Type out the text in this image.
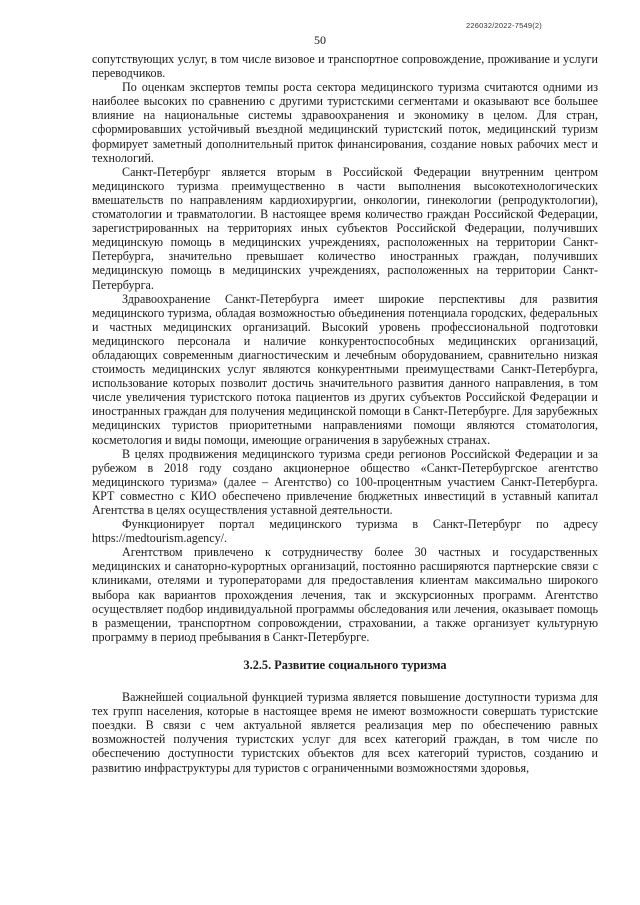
226032/2022-7549(2)
50

сопутствующих услуг, в том числе визовое и транспортное сопровождение, проживание и услуги переводчиков.

По оценкам экспертов темпы роста сектора медицинского туризма считаются одними из наиболее высоких по сравнению с другими туристскими сегментами и оказывают все большее влияние на национальные системы здравоохранения и экономику в целом. Для стран, сформировавших устойчивый въездной медицинский туристский поток, медицинский туризм формирует заметный дополнительный приток финансирования, создание новых рабочих мест и технологий.

Санкт-Петербург является вторым в Российской Федерации внутренним центром медицинского туризма преимущественно в части выполнения высокотехнологических вмешательств по направлениям кардиохирургии, онкологии, гинекологии (репродуктологии), стоматологии и травматологии. В настоящее время количество граждан Российской Федерации, зарегистрированных на территориях иных субъектов Российской Федерации, получивших медицинскую помощь в медицинских учреждениях, расположенных на территории Санкт-Петербурга, значительно превышает количество иностранных граждан, получивших медицинскую помощь в медицинских учреждениях, расположенных на территории Санкт-Петербурга.

Здравоохранение Санкт-Петербурга имеет широкие перспективы для развития медицинского туризма, обладая возможностью объединения потенциала городских, федеральных и частных медицинских организаций. Высокий уровень профессиональной подготовки медицинского персонала и наличие конкурентоспособных медицинских организаций, обладающих современным диагностическим и лечебным оборудованием, сравнительно низкая стоимость медицинских услуг являются конкурентными преимуществами Санкт-Петербурга, использование которых позволит достичь значительного развития данного направления, в том числе увеличения туристского потока пациентов из других субъектов Российской Федерации и иностранных граждан для получения медицинской помощи в Санкт-Петербурге. Для зарубежных медицинских туристов приоритетными направлениями помощи являются стоматология, косметология и виды помощи, имеющие ограничения в зарубежных странах.

В целях продвижения медицинского туризма среди регионов Российской Федерации и за рубежом в 2018 году создано акционерное общество «Санкт-Петербургское агентство медицинского туризма» (далее – Агентство) со 100-процентным участием Санкт-Петербурга. КРТ совместно с КИО обеспечено привлечение бюджетных инвестиций в уставный капитал Агентства в целях осуществления уставной деятельности.

Функционирует портал медицинского туризма в Санкт-Петербург по адресу https://medtourism.agency/.

Агентством привлечено к сотрудничеству более 30 частных и государственных медицинских и санаторно-курортных организаций, постоянно расширяются партнерские связи с клиниками, отелями и туроператорами для предоставления клиентам максимально широкого выбора как вариантов прохождения лечения, так и экскурсионных программ. Агентство осуществляет подбор индивидуальной программы обследования или лечения, оказывает помощь в размещении, транспортном сопровождении, страховании, а также организует культурную программу в период пребывания в Санкт-Петербурге.

3.2.5. Развитие социального туризма

Важнейшей социальной функцией туризма является повышение доступности туризма для тех групп населения, которые в настоящее время не имеют возможности совершать туристские поездки. В связи с чем актуальной является реализация мер по обеспечению равных возможностей получения туристских услуг для всех категорий граждан, в том числе по обеспечению доступности туристских объектов для всех категорий туристов, созданию и развитию инфраструктуры для туристов с ограниченными возможностями здоровья,
